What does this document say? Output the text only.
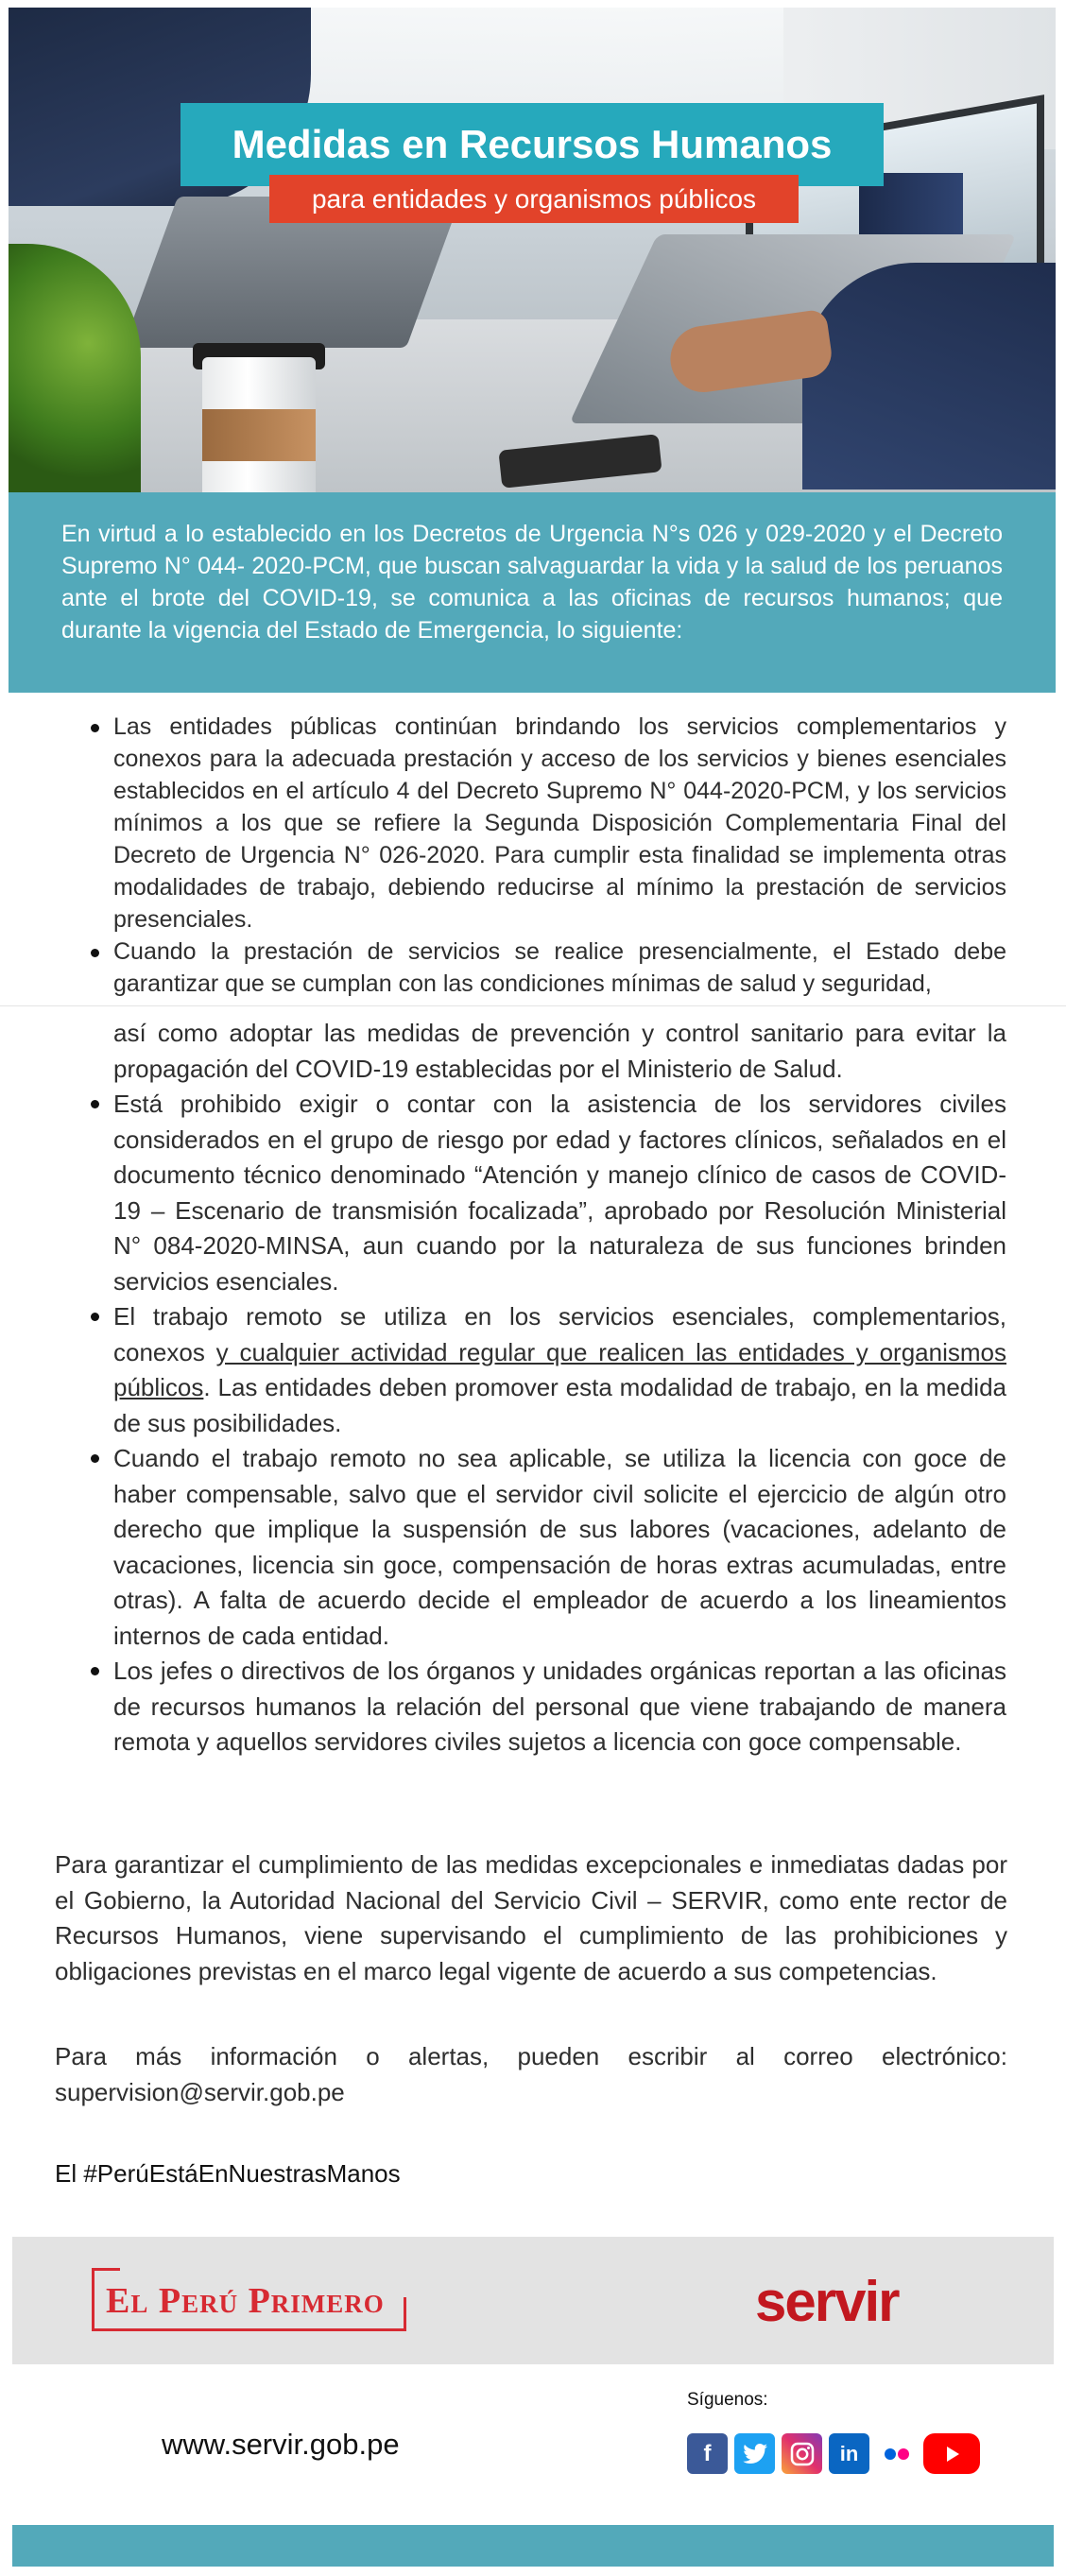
Medidas en Recursos Humanos
para entidades y organismos públicos

En virtud a lo establecido en los Decretos de Urgencia N°s 026 y 029-2020 y el Decreto Supremo N° 044- 2020-PCM, que buscan salvaguardar la vida y la salud de los peruanos ante el brote del COVID-19, se comunica a las oficinas de recursos humanos; que durante la vigencia del Estado de Emergencia, lo siguiente:

Las entidades públicas continúan brindando los servicios complementarios y conexos para la adecuada prestación y acceso de los servicios y bienes esenciales establecidos en el artículo 4 del Decreto Supremo N° 044-2020-PCM, y los servicios mínimos a los que se refiere la Segunda Disposición Complementaria Final del Decreto de Urgencia N° 026-2020. Para cumplir esta finalidad se implementa otras modalidades de trabajo, debiendo reducirse al mínimo la prestación de servicios presenciales.
Cuando la prestación de servicios se realice presencialmente, el Estado debe garantizar que se cumplan con las condiciones mínimas de salud y seguridad,
así como adoptar las medidas de prevención y control sanitario para evitar la propagación del COVID-19 establecidas por el Ministerio de Salud.
Está prohibido exigir o contar con la asistencia de los servidores civiles considerados en el grupo de riesgo por edad y factores clínicos, señalados en el documento técnico denominado “Atención y manejo clínico de casos de COVID-19 – Escenario de transmisión focalizada”, aprobado por Resolución Ministerial N° 084-2020-MINSA, aun cuando por la naturaleza de sus funciones brinden servicios esenciales.
El trabajo remoto se utiliza en los servicios esenciales, complementarios, conexos y cualquier actividad regular que realicen las entidades y organismos públicos. Las entidades deben promover esta modalidad de trabajo, en la medida de sus posibilidades.
Cuando el trabajo remoto no sea aplicable, se utiliza la licencia con goce de haber compensable, salvo que el servidor civil solicite el ejercicio de algún otro derecho que implique la suspensión de sus labores (vacaciones, adelanto de vacaciones, licencia sin goce, compensación de horas extras acumuladas, entre otras). A falta de acuerdo decide el empleador de acuerdo a los lineamientos internos de cada entidad.
Los jefes o directivos de los órganos y unidades orgánicas reportan a las oficinas de recursos humanos la relación del personal que viene trabajando de manera remota y aquellos servidores civiles sujetos a licencia con goce compensable.

Para garantizar el cumplimiento de las medidas excepcionales e inmediatas dadas por el Gobierno, la Autoridad Nacional del Servicio Civil – SERVIR, como ente rector de Recursos Humanos, viene supervisando el cumplimiento de las prohibiciones y obligaciones previstas en el marco legal vigente de acuerdo a sus competencias.

Para más información o alertas, pueden escribir al correo electrónico: supervision@servir.gob.pe

El #PerúEstáEnNuestrasManos

El Perú Primero	servir

www.servir.gob.pe

Síguenos:

f	in
